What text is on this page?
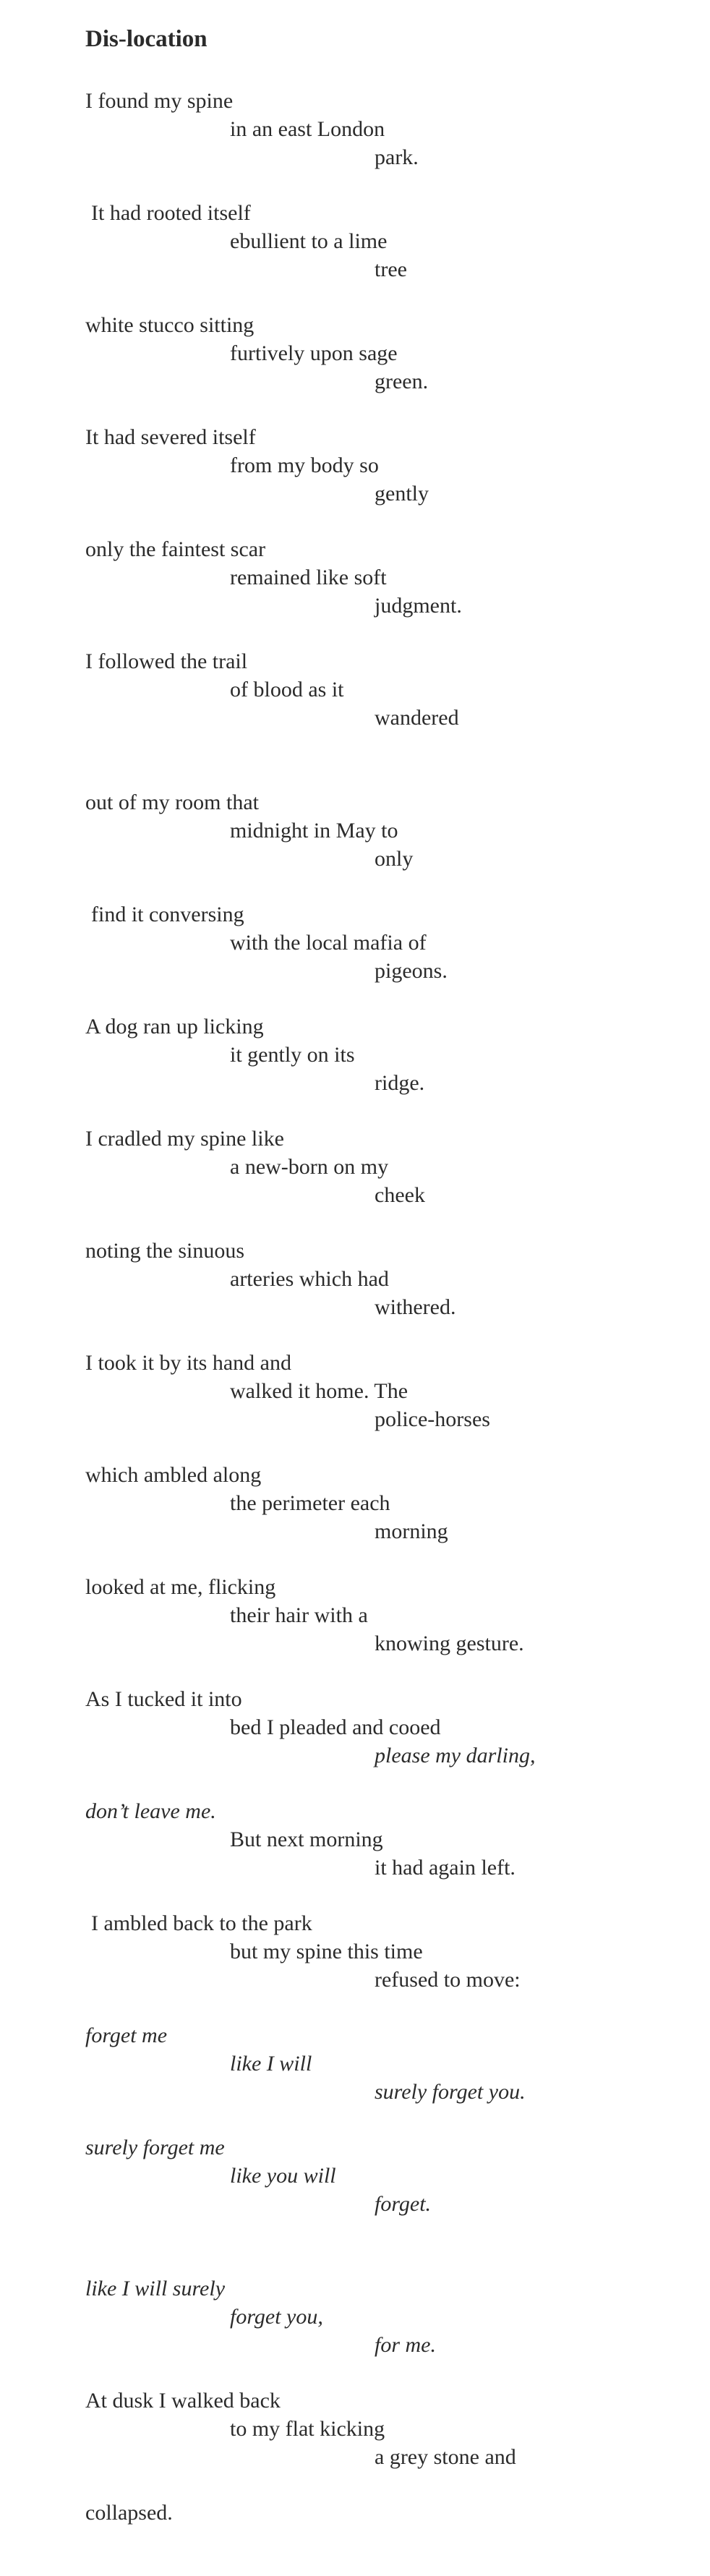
Dis-location
I found my spine
in an east London
park.
It had rooted itself
ebullient to a lime
tree
white stucco sitting
furtively upon sage
green.
It had severed itself
from my body so
gently
only the faintest scar
remained like soft
judgment.
I followed the trail
of blood as it
wandered
out of my room that
midnight in May to
only
find it conversing
with the local mafia of
pigeons.
A dog ran up licking
it gently on its
ridge.
I cradled my spine like
a new-born on my
cheek
noting the sinuous
arteries which had
withered.
I took it by its hand and
walked it home. The
police-horses
which ambled along
the perimeter each
morning
looked at me, flicking
their hair with a
knowing gesture.
As I tucked it into
bed I pleaded and cooed
please my darling,
don’t leave me.
But next morning
it had again left.
I ambled back to the park
but my spine this time
refused to move:
forget me
like I will
surely forget you.
surely forget me
like you will
forget.
like I will surely
forget you,
for me.
At dusk I walked back
to my flat kicking
a grey stone and
collapsed.
